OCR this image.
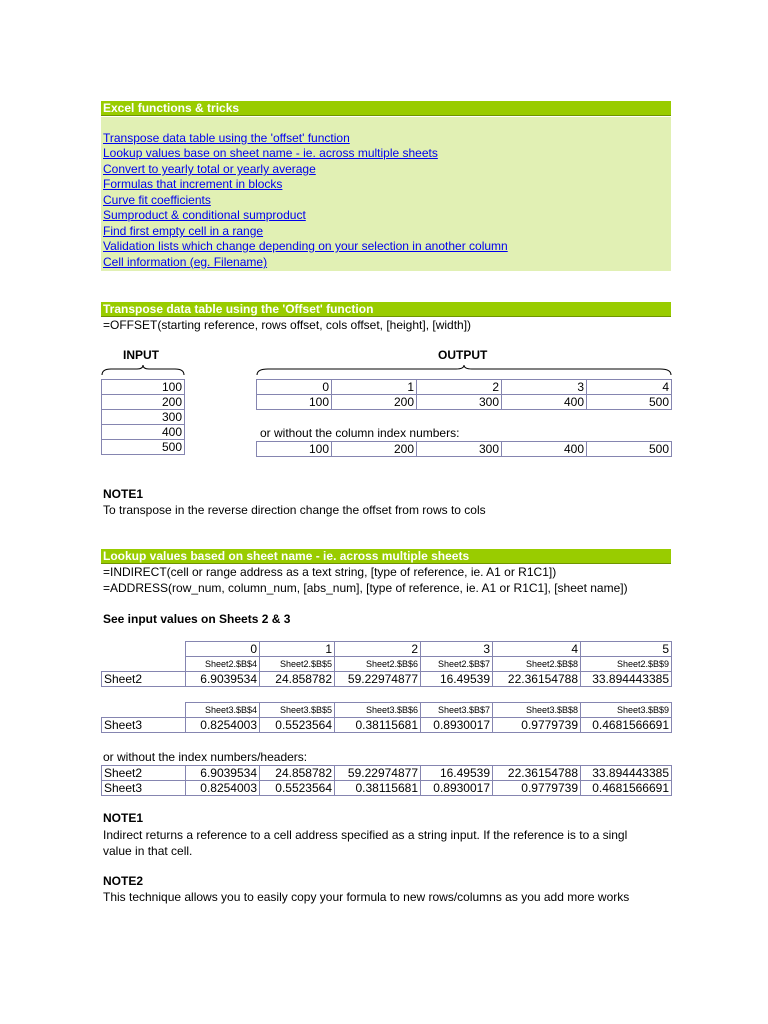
Excel functions & tricks
Transpose data table using the 'offset' function
Lookup values base on sheet name - ie. across multiple sheets
Convert to yearly total or yearly average
Formulas that increment in blocks
Curve fit coefficients
Sumproduct & conditional sumproduct
Find first empty cell in a range
Validation lists which change depending on your selection in another column
Cell information (eg. Filename)
Transpose data table using the 'Offset' function
=OFFSET(starting reference, rows offset, cols offset, [height], [width])
INPUT	OUTPUT
100
200
300
400
500
0	1	2	3	4
100	200	300	400	500
or without the column index numbers:
100	200	300	400	500
NOTE1
To transpose in the reverse direction change the offset from rows to cols
Lookup values based on sheet name - ie. across multiple sheets
=INDIRECT(cell or range address as a text string, [type of reference, ie. A1 or R1C1])
=ADDRESS(row_num, column_num, [abs_num], [type of reference, ie. A1 or R1C1], [sheet name])
See input values on Sheets 2 & 3
	0	1	2	3	4	5
	Sheet2.$B$4	Sheet2.$B$5	Sheet2.$B$6	Sheet2.$B$7	Sheet2.$B$8	Sheet2.$B$9
Sheet2	6.9039534	24.858782	59.22974877	16.49539	22.36154788	33.894443385

	Sheet3.$B$4	Sheet3.$B$5	Sheet3.$B$6	Sheet3.$B$7	Sheet3.$B$8	Sheet3.$B$9
Sheet3	0.8254003	0.5523564	0.38115681	0.8930017	0.9779739	0.4681566691
or without the index numbers/headers:
Sheet2	6.9039534	24.858782	59.22974877	16.49539	22.36154788	33.894443385
Sheet3	0.8254003	0.5523564	0.38115681	0.8930017	0.9779739	0.4681566691
NOTE1
Indirect returns a reference to a cell address specified as a string input. If the reference is to a singl
value in that cell.
NOTE2
This technique allows you to easily copy your formula to new rows/columns as you add more works
